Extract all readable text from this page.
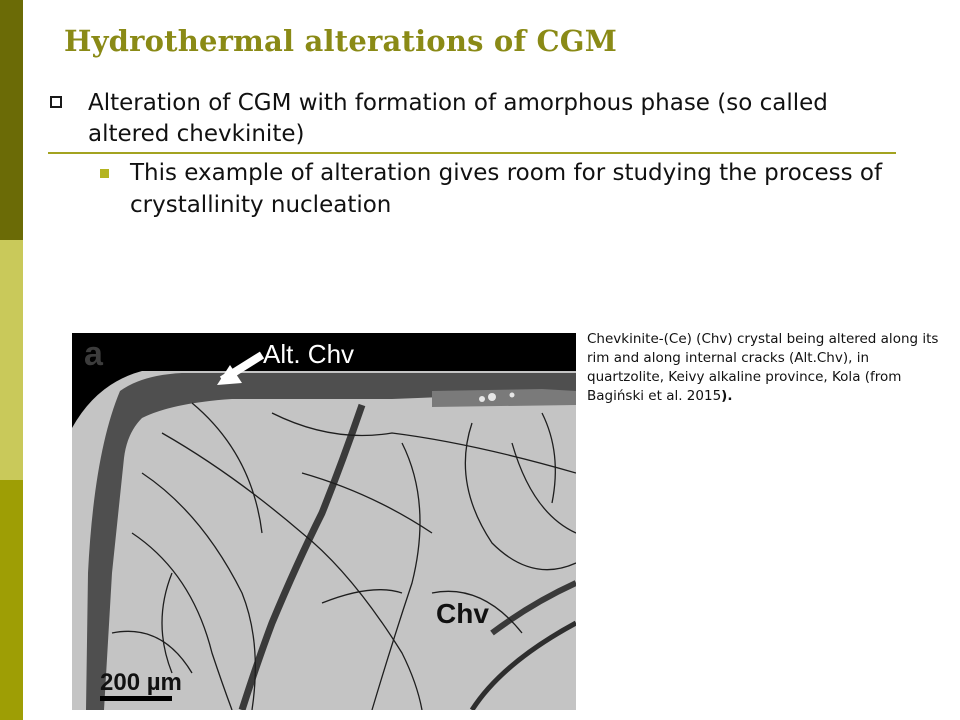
Hydrothermal alterations of CGM
Alteration of CGM with formation of amorphous phase (so called altered chevkinite)
This example of alteration gives room for studying the process of crystallinity nucleation
a	Alt. Chv
Chv
200 µm

Chevkinite-(Ce) (Chv) crystal being altered along its rim and along internal cracks (Alt.Chv), in quartzolite, Keivy alkaline province, Kola (from Bagiński et al. 2015).
